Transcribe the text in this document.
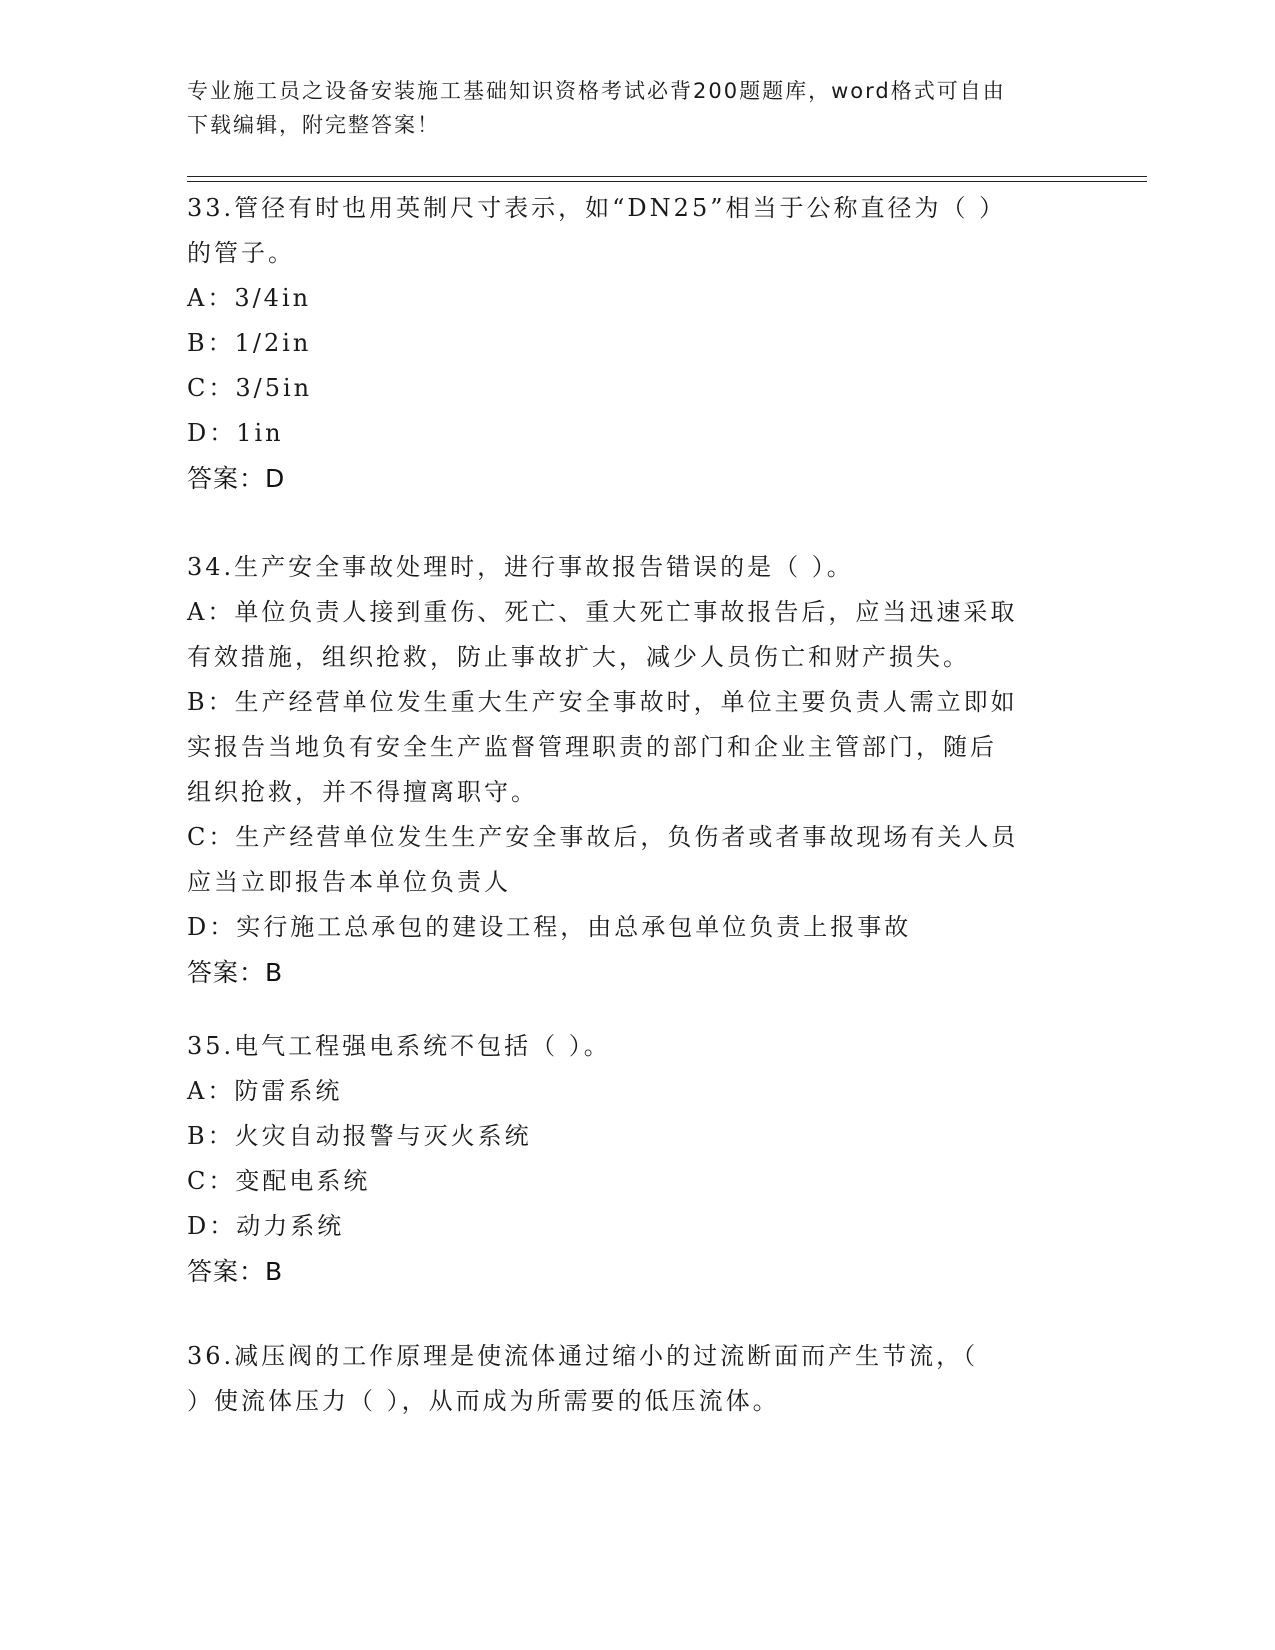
专业施工员之设备安装施工基础知识资格考试必背200题题库，word格式可自由
下载编辑，附完整答案！
33.管径有时也用英制尺寸表示，如“DN25”相当于公称直径为（ ）
的管子。
A：3/4in
B：1/2in
C：3/5in
D：1in
答案：D
34.生产安全事故处理时，进行事故报告错误的是（ ）。
A：单位负责人接到重伤、死亡、重大死亡事故报告后，应当迅速采取
有效措施，组织抢救，防止事故扩大，减少人员伤亡和财产损失。
B：生产经营单位发生重大生产安全事故时，单位主要负责人需立即如
实报告当地负有安全生产监督管理职责的部门和企业主管部门，随后
组织抢救，并不得擅离职守。
C：生产经营单位发生生产安全事故后，负伤者或者事故现场有关人员
应当立即报告本单位负责人
D：实行施工总承包的建设工程，由总承包单位负责上报事故
答案：B
35.电气工程强电系统不包括（ ）。
A：防雷系统
B：火灾自动报警与灭火系统
C：变配电系统
D：动力系统
答案：B
36.减压阀的工作原理是使流体通过缩小的过流断面而产生节流，（
）使流体压力（ ），从而成为所需要的低压流体。
